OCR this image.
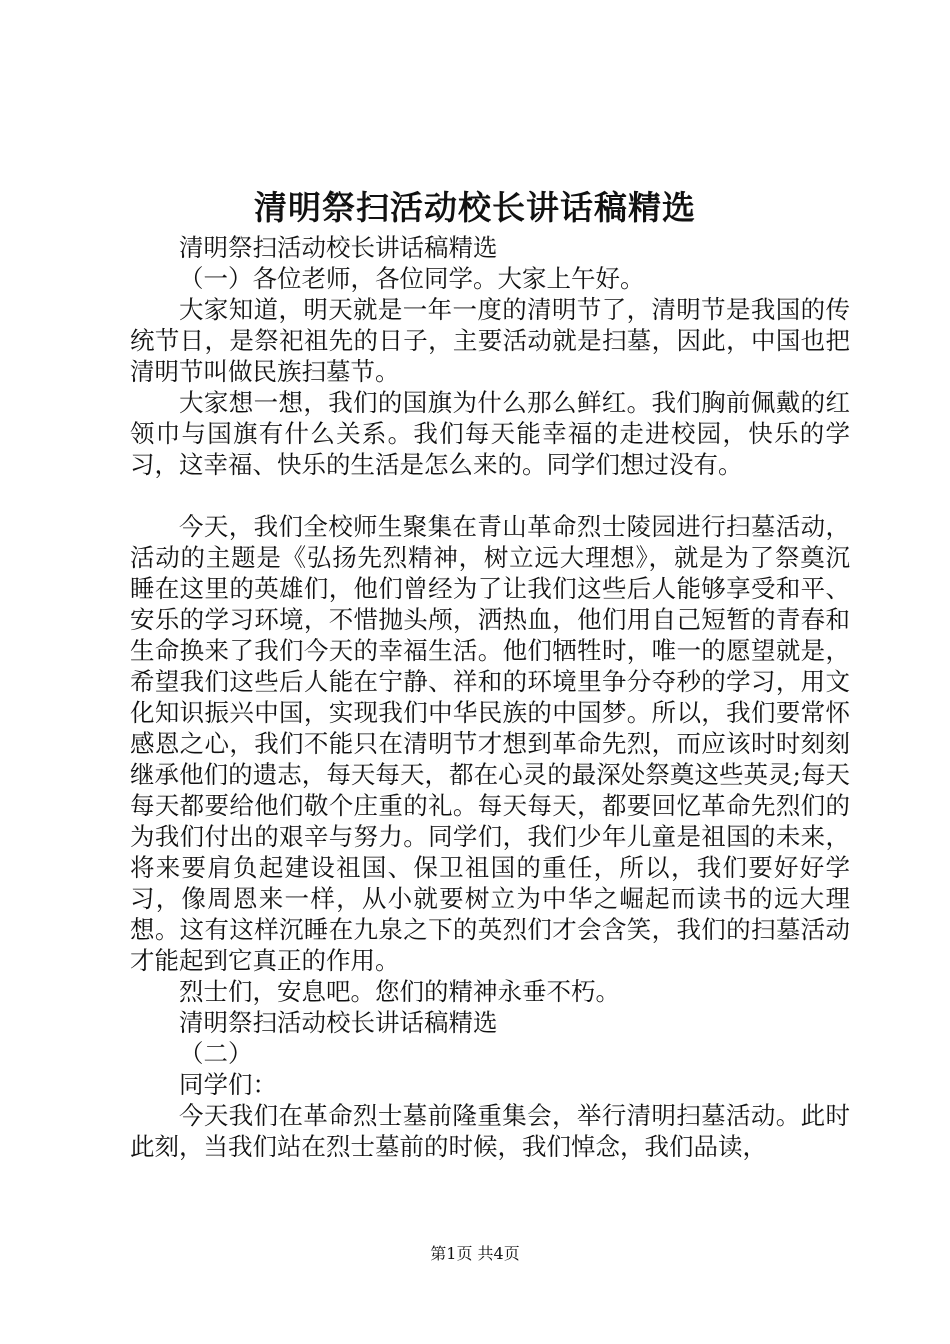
清明祭扫活动校长讲话稿精选

清明祭扫活动校长讲话稿精选

（一）各位老师，各位同学。大家上午好。

大家知道，明天就是一年一度的清明节了，清明节是我国的传统节日，是祭祀祖先的日子，主要活动就是扫墓，因此，中国也把清明节叫做民族扫墓节。

大家想一想，我们的国旗为什么那么鲜红。我们胸前佩戴的红领巾与国旗有什么关系。我们每天能幸福的走进校园，快乐的学习，这幸福、快乐的生活是怎么来的。同学们想过没有。

今天，我们全校师生聚集在青山革命烈士陵园进行扫墓活动，活动的主题是《弘扬先烈精神，树立远大理想》，就是为了祭奠沉睡在这里的英雄们，他们曾经为了让我们这些后人能够享受和平、安乐的学习环境，不惜抛头颅，洒热血，他们用自己短暂的青春和生命换来了我们今天的幸福生活。他们牺牲时，唯一的愿望就是，希望我们这些后人能在宁静、祥和的环境里争分夺秒的学习，用文化知识振兴中国，实现我们中华民族的中国梦。所以，我们要常怀感恩之心，我们不能只在清明节才想到革命先烈，而应该时时刻刻继承他们的遗志，每天每天，都在心灵的最深处祭奠这些英灵;每天每天都要给他们敬个庄重的礼。每天每天，都要回忆革命先烈们的为我们付出的艰辛与努力。同学们，我们少年儿童是祖国的未来，将来要肩负起建设祖国、保卫祖国的重任，所以，我们要好好学习，像周恩来一样，从小就要树立为中华之崛起而读书的远大理想。这有这样沉睡在九泉之下的英烈们才会含笑，我们的扫墓活动才能起到它真正的作用。

烈士们，安息吧。您们的精神永垂不朽。

清明祭扫活动校长讲话稿精选

（二）

同学们：

今天我们在革命烈士墓前隆重集会，举行清明扫墓活动。此时此刻，当我们站在烈士墓前的时候，我们悼念，我们品读，

第1页 共4页
